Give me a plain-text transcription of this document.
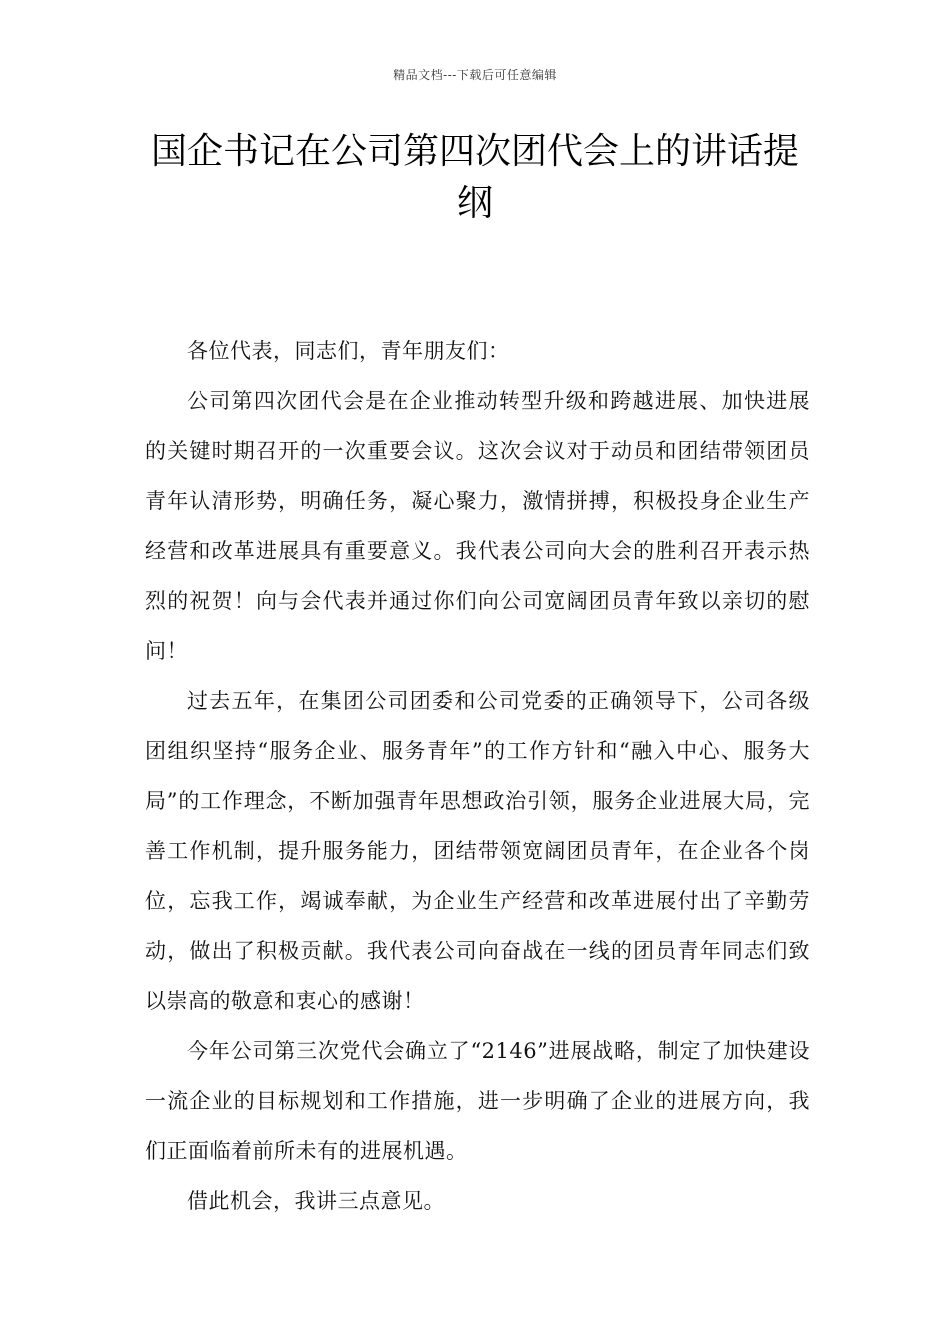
精品文档---下载后可任意编辑
国企书记在公司第四次团代会上的讲话提纲

各位代表，同志们，青年朋友们：

公司第四次团代会是在企业推动转型升级和跨越进展、加快进展的关键时期召开的一次重要会议。这次会议对于动员和团结带领团员青年认清形势，明确任务，凝心聚力，激情拼搏，积极投身企业生产经营和改革进展具有重要意义。我代表公司向大会的胜利召开表示热烈的祝贺！向与会代表并通过你们向公司宽阔团员青年致以亲切的慰问！

过去五年，在集团公司团委和公司党委的正确领导下，公司各级团组织坚持“服务企业、服务青年”的工作方针和“融入中心、服务大局”的工作理念，不断加强青年思想政治引领，服务企业进展大局，完善工作机制，提升服务能力，团结带领宽阔团员青年，在企业各个岗位，忘我工作，竭诚奉献，为企业生产经营和改革进展付出了辛勤劳动，做出了积极贡献。我代表公司向奋战在一线的团员青年同志们致以崇高的敬意和衷心的感谢！

今年公司第三次党代会确立了“2146”进展战略，制定了加快建设一流企业的目标规划和工作措施，进一步明确了企业的进展方向，我们正面临着前所未有的进展机遇。

借此机会，我讲三点意见。
